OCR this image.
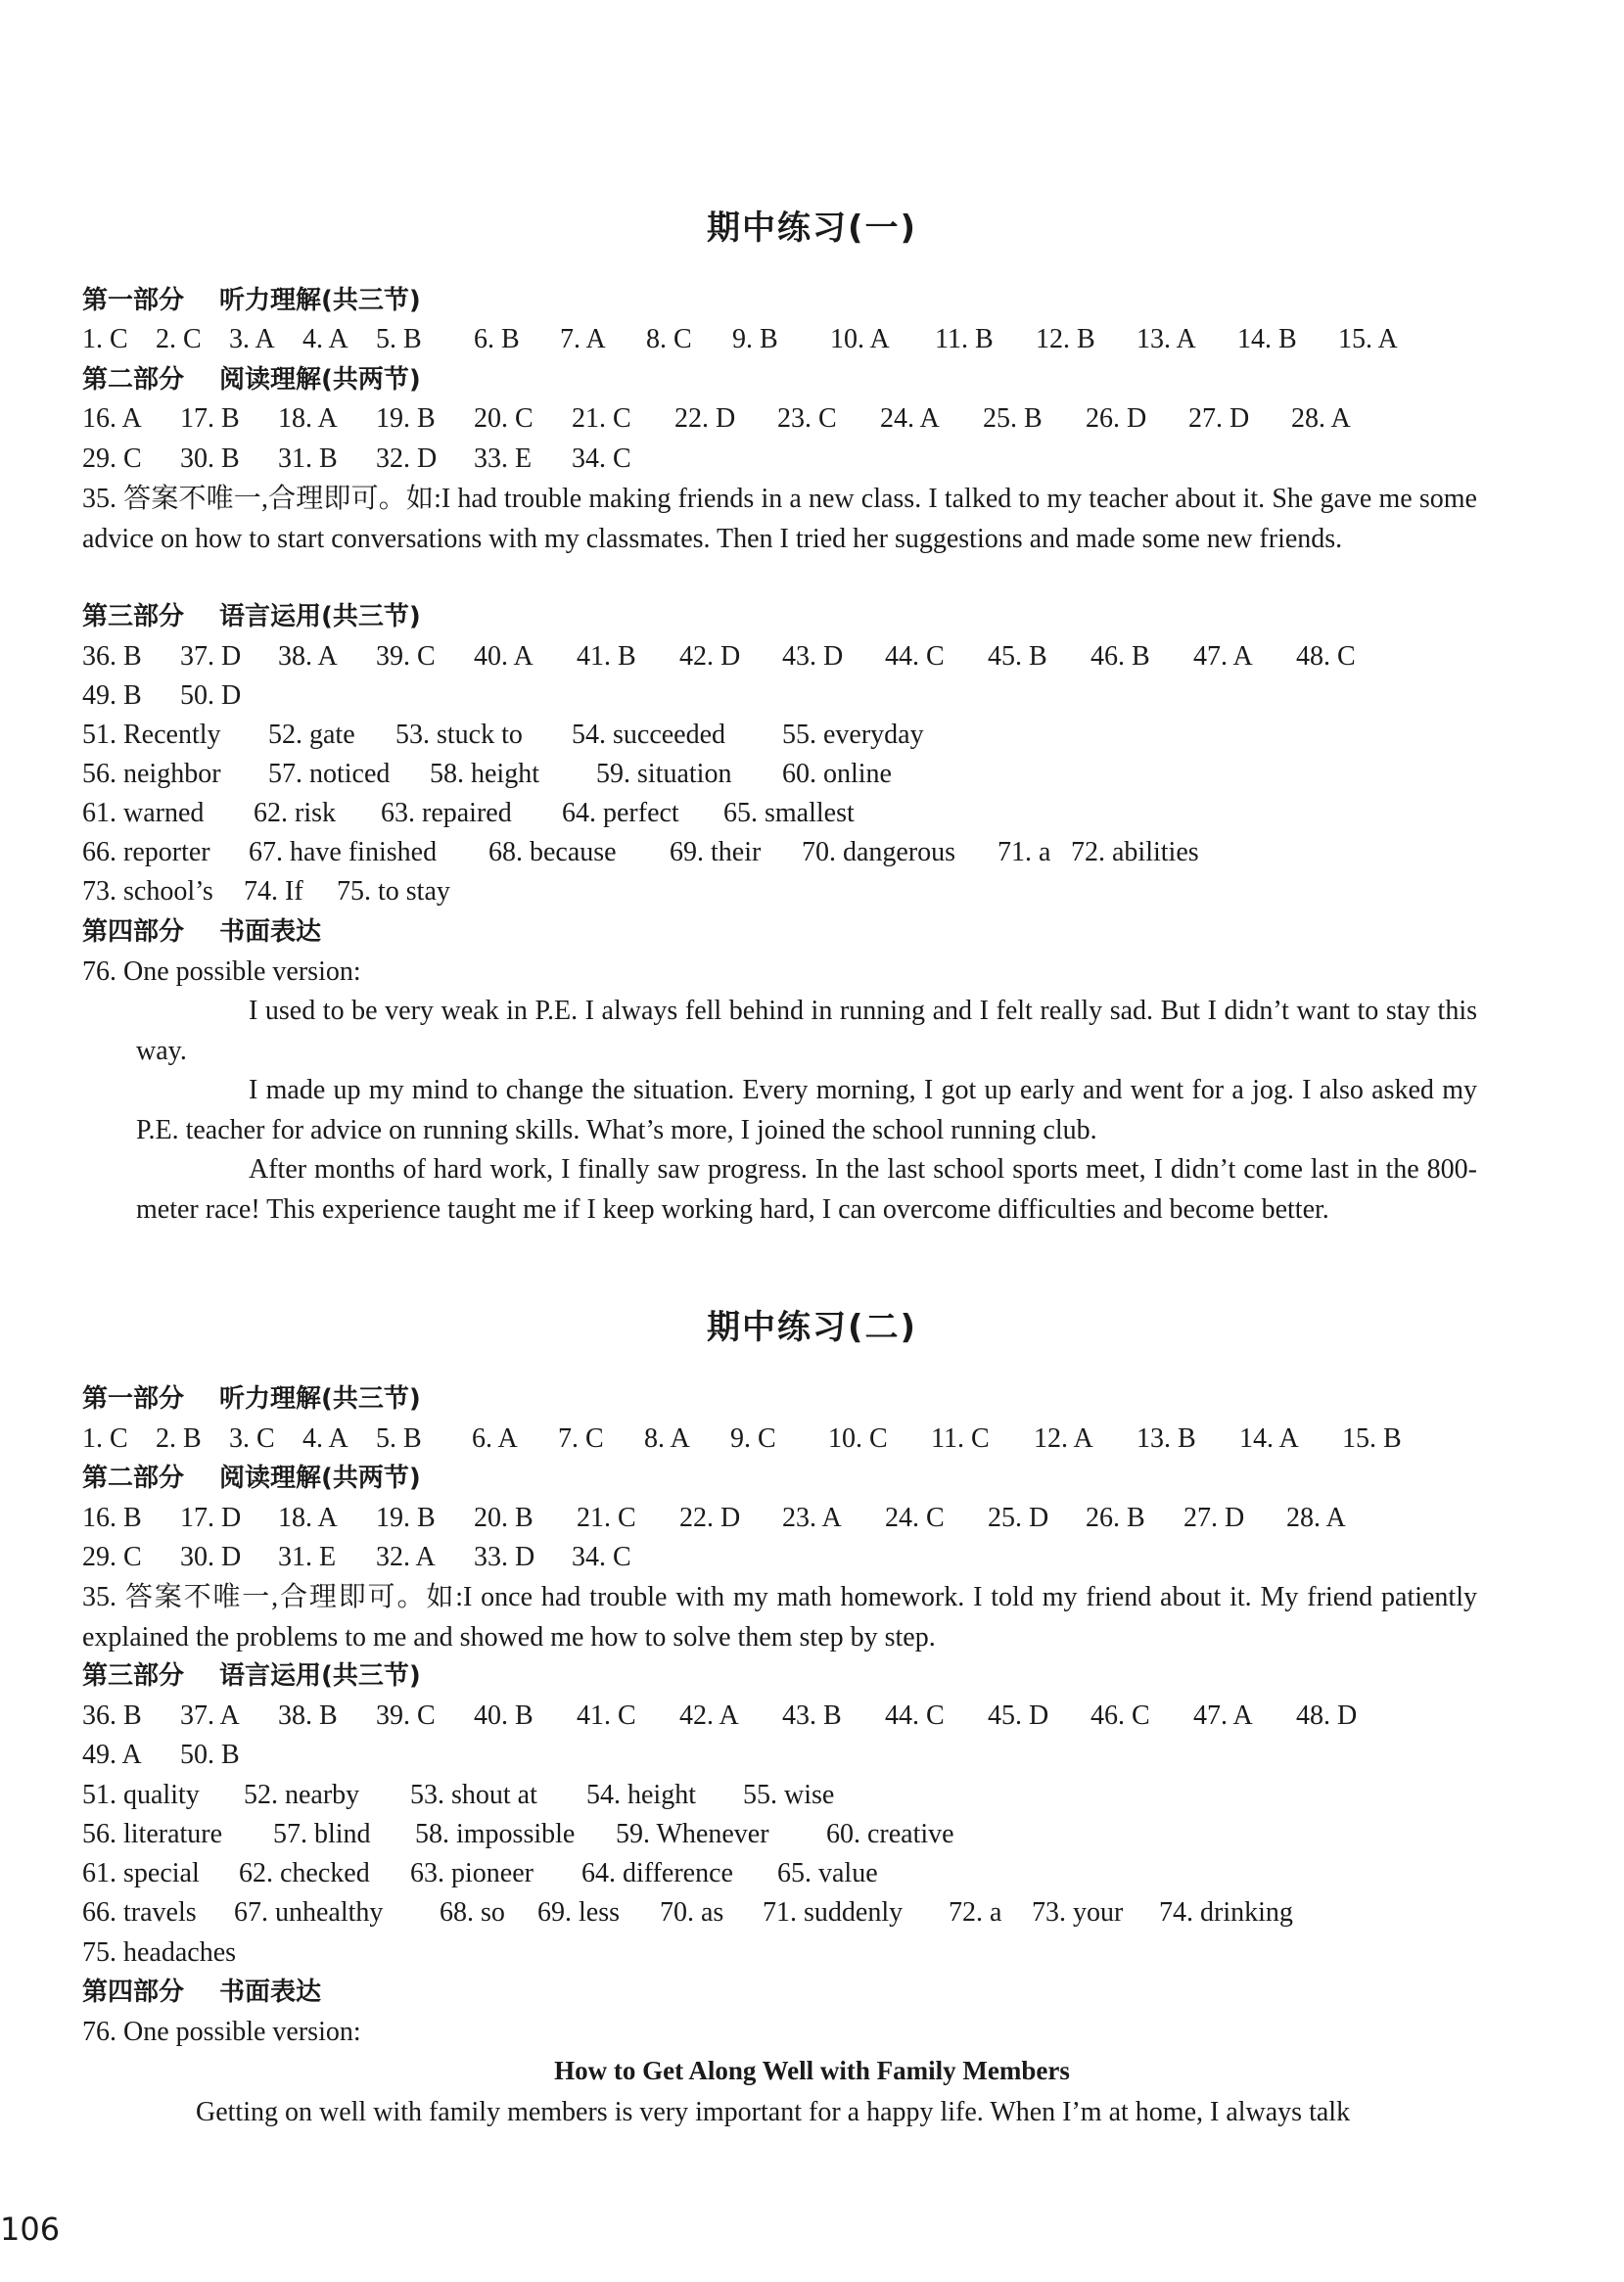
期中练习(一)
第一部分 听力理解(共三节)
1. C 2. C 3. A 4. A 5. B 6. B 7. A 8. C 9. B 10. A 11. B 12. B 13. A 14. B 15. A
第二部分 阅读理解(共两节)
16. A 17. B 18. A 19. B 20. C 21. C 22. D 23. C 24. A 25. B 26. D 27. D 28. A
29. C 30. B 31. B 32. D 33. E 34. C
35. 答案不唯一,合理即可。如:I had trouble making friends in a new class. I talked to my teacher about it. She gave me some advice on how to start conversations with my classmates. Then I tried her suggestions and made some new friends.
第三部分 语言运用(共三节)
36. B 37. D 38. A 39. C 40. A 41. B 42. D 43. D 44. C 45. B 46. B 47. A 48. C
49. B 50. D
51. Recently 52. gate 53. stuck to 54. succeeded 55. everyday
56. neighbor 57. noticed 58. height 59. situation 60. online
61. warned 62. risk 63. repaired 64. perfect 65. smallest
66. reporter 67. have finished 68. because 69. their 70. dangerous 71. a 72. abilities
73. school’s 74. If 75. to stay
第四部分 书面表达
76. One possible version:
I used to be very weak in P.E. I always fell behind in running and I felt really sad. But I didn’t want to stay this way.
I made up my mind to change the situation. Every morning, I got up early and went for a jog. I also asked my P.E. teacher for advice on running skills. What’s more, I joined the school running club.
After months of hard work, I finally saw progress. In the last school sports meet, I didn’t come last in the 800-meter race! This experience taught me if I keep working hard, I can overcome difficulties and become better.
期中练习(二)
第一部分 听力理解(共三节)
1. C 2. B 3. C 4. A 5. B 6. A 7. C 8. A 9. C 10. C 11. C 12. A 13. B 14. A 15. B
第二部分 阅读理解(共两节)
16. B 17. D 18. A 19. B 20. B 21. C 22. D 23. A 24. C 25. D 26. B 27. D 28. A
29. C 30. D 31. E 32. A 33. D 34. C
35. 答案不唯一,合理即可。如:I once had trouble with my math homework. I told my friend about it. My friend patiently explained the problems to me and showed me how to solve them step by step.
第三部分 语言运用(共三节)
36. B 37. A 38. B 39. C 40. B 41. C 42. A 43. B 44. C 45. D 46. C 47. A 48. D
49. A 50. B
51. quality 52. nearby 53. shout at 54. height 55. wise
56. literature 57. blind 58. impossible 59. Whenever 60. creative
61. special 62. checked 63. pioneer 64. difference 65. value
66. travels 67. unhealthy 68. so 69. less 70. as 71. suddenly 72. a 73. your 74. drinking
75. headaches
第四部分 书面表达
76. One possible version:
How to Get Along Well with Family Members
Getting on well with family members is very important for a happy life. When I’m at home, I always talk
106
